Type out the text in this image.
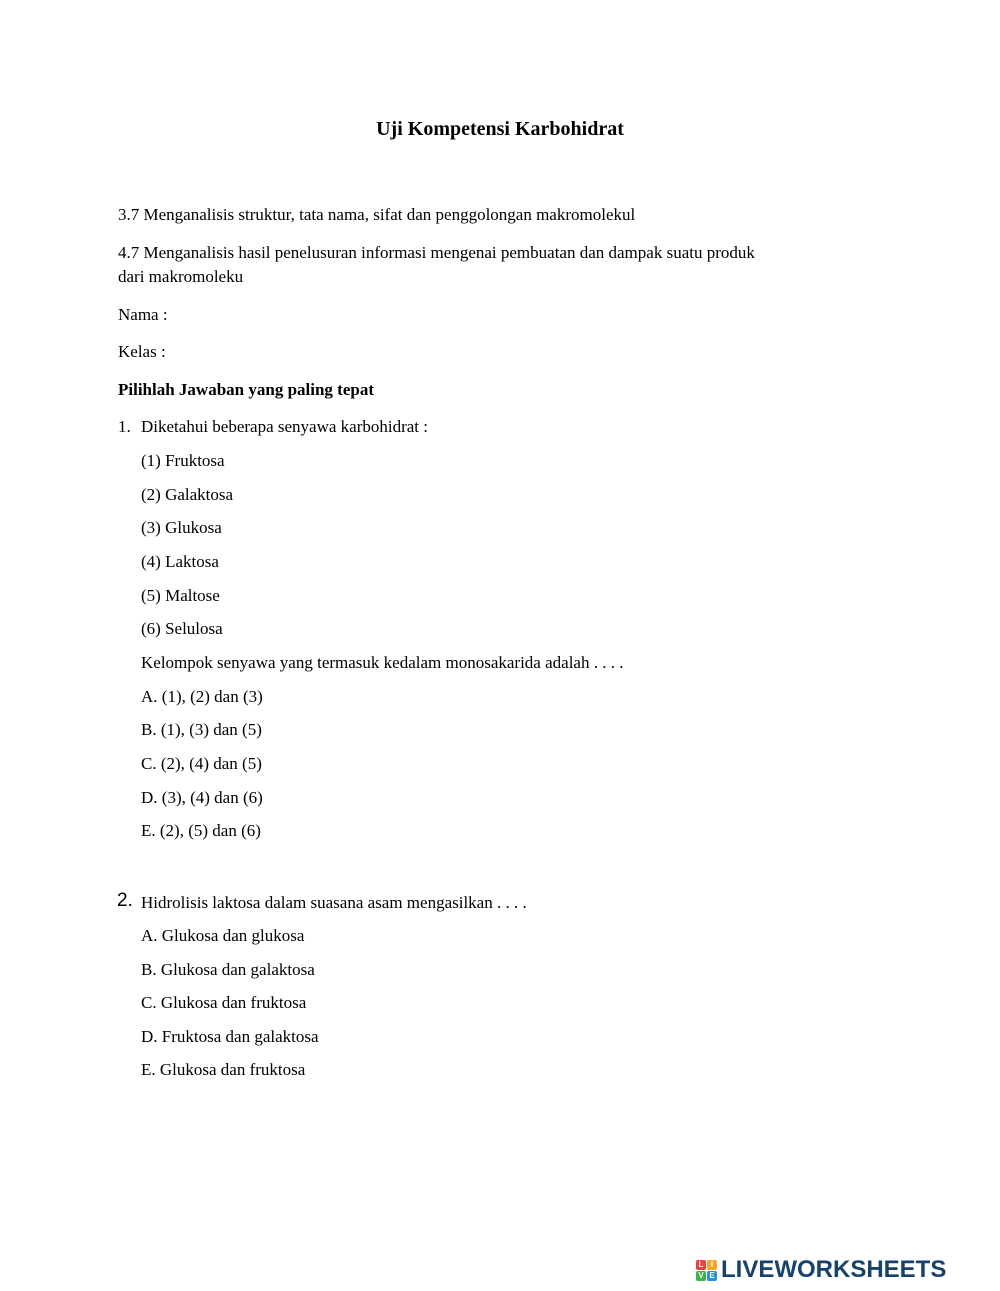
Uji Kompetensi Karbohidrat
3.7 Menganalisis struktur, tata nama, sifat dan penggolongan makromolekul
4.7 Menganalisis hasil penelusuran informasi mengenai pembuatan dan dampak suatu produk
dari makromoleku
Nama :
Kelas :
Pilihlah Jawaban yang paling tepat
1. Diketahui beberapa senyawa karbohidrat :
(1) Fruktosa
(2) Galaktosa
(3) Glukosa
(4) Laktosa
(5) Maltose
(6) Selulosa
Kelompok senyawa yang termasuk kedalam monosakarida adalah . . . .
A. (1), (2) dan (3)
B. (1), (3) dan (5)
C. (2), (4) dan (5)
D. (3), (4) dan (6)
E. (2), (5) dan (6)
2. Hidrolisis laktosa dalam suasana asam mengasilkan . . . .
A. Glukosa dan glukosa
B. Glukosa dan galaktosa
C. Glukosa dan fruktosa
D. Fruktosa dan galaktosa
E. Glukosa dan fruktosa
L I
V E LIVEWORKSHEETS
